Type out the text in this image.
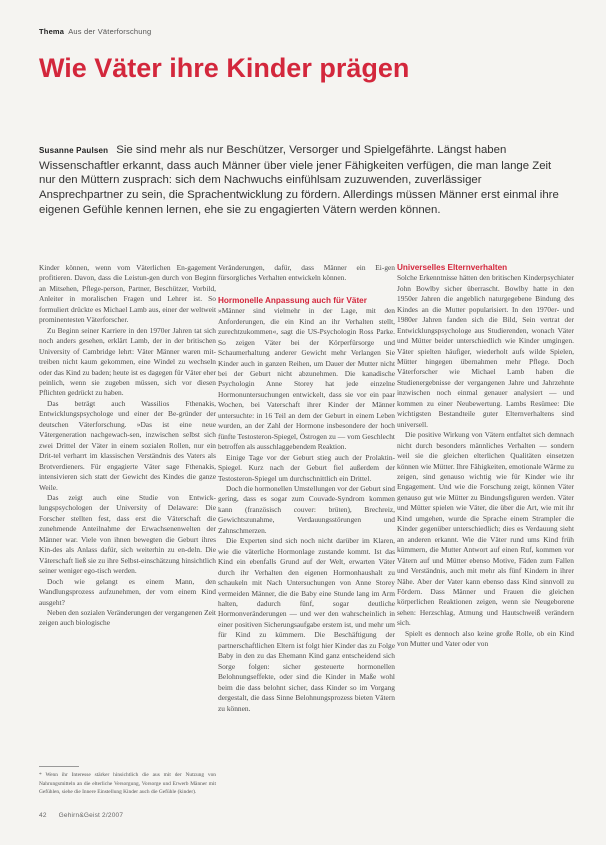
Thema Aus der Väterforschung
Wie Väter ihre Kinder prägen

Susanne Paulsen Sie sind mehr als nur Beschützer, Versorger und Spielgefährte. Längst haben Wissenschaftler erkannt, dass auch Männer über viele jener Fähigkeiten verfügen, die man lange Zeit nur den Müttern zusprach: sich dem Nachwuchs einfühlsam zuzuwenden, zuverlässiger Ansprechpartner zu sein, die Sprachentwicklung zu fördern. Allerdings müssen Männer erst einmal ihre eigenen Gefühle kennen lernen, ehe sie zu engagierten Vätern werden können.

Kinder können, wenn vom Väterlichen En-gagement profitieren. Davon, dass die Leistun-gen durch von Beginn an Mitsehen, Pflege-person, Partner, Beschützer, Vorbild, Anleiter in moralischen Fragen und Lehrer ist. So formuliert drückte es Michael Lamb aus, einer der weltweit prominentesten Väterforscher.

Zu Beginn seiner Karriere in den 1970er Jahren tat sich noch anders gesehen, erklärt Lamb, der in der britischen University of Cambridge lehrt: Väter Männer waren mit-treiben nicht kaum gekommen, eine Windel zu wechseln oder das Kind zu baden; heute ist es dagegen für Väter eher peinlich, wenn sie zugeben müssen, sich vor diesen Pflichten gedrückt zu haben.

Das beträgt auch Wassilios Fthenakis, Entwicklungspsychologe und einer der Be-gründer der deutschen Väterforschung. »Das ist eine neue Vätergeneration nachgewach-sen, inzwischen selbst sich zwei Drittel der Väter in einem sozialen Rollen, nur ein Drit-tel verharrt im klassischen Verständnis des Vaters als Brotverdieners. Für engagierte Väter sage Fthenakis, intensivieren sich statt der Gewicht des Kindes die ganze Weile.

Das zeigt auch eine Studie von Entwick-lungspsychologen der University of Delaware: Die Forscher stellten fest, dass erst die Väterschaft die zunehmende Anteilnahme der Erwachsenenwelten der Männer war. Viele von ihnen bewegten die Geburt ihres Kin-des als Anlass dafür, sich weiterhin zu en-deln. Die Väterschaft ließ sie zu ihre Selbst-einschätzung hinsichtlich seiner weniger ego-tisch werden.

Doch wie gelangt es einem Mann, den Wandlungsprozess aufzunehmen, der vom einem Kind ausgeht?

Neben den sozialen Veränderungen der vergangenen Zeit zeigen auch biologische

Veränderungen, dafür, dass Männer ein Ei-gen fürsorgliches Verhalten entwickeln können.

Hormonelle Anpassung auch für Väter

»Männer sind vielmehr in der Lage, mit den Anforderungen, die ein Kind an ihr Verhalten stellt, zurechtzukommen«, sagt die US-Psychologin Ross Parke. So zeigen Väter bei der Körperfürsorge und Schaumerhaltung anderer Gewicht mehr Verlangen Sie Kinder auch in ganzen Reihen, um Dauer der Mutter nicht bei der Geburt nicht abzunehmen. Die kanadische Psychologin Anne Storey hat jede einzelne Hormonuntersuchungen entwickelt, dass sie vor ein paar Wochen, bei Vaterschaft ihrer Kinder der Männer untersuchte: in 16 Teil an dem der Geburt in einem Leben wurden, an der Zahl der Hormone insbesondere der hoch fünfte Testosteron-Spiegel, Östrogen zu — vom Geschlecht betroffen als ausschlaggebendem Reaktion.

Einige Tage vor der Geburt stieg auch der Prolaktin-Spiegel. Kurz nach der Geburt fiel außerdem der Testosteron-Spiegel um durchschnittlich ein Drittel.

Doch die hormonellen Umstellungen vor der Geburt sind gering, dass es sogar zum Couvade-Syndrom kommen kann (französisch couver: brüten), Brechreiz, Gewichtszunahme, Verdauungsstörungen und Zahnschmerzen.

Die Experten sind sich noch nicht darüber im Klaren, wie die väterliche Hormonlage zustande kommt. Ist das Kind ein ebenfalls Grund auf der Welt, erwarten Väter durch ihr Verhalten den eigenen Hormonhaushalt zu schaukeln mit Nach Untersuchungen von Anne Storey vermeiden Männer, die die Baby eine Stunde lang im Arm halten, dadurch fünf, sogar deutliche Hormonveränderungen — und wer den wahrscheinlich in einer positiven Sicherungsaufgabe erstem ist, und mehr um für Kind zu kümmern. Die Beschäftigung der partnerschaftlichen Eltern ist folgt hier Kinder das zu Folge Baby in den zu das Ehemann Kind ganz entscheidend sich Sorge folgen: sicher gesteuerte hormonellen Belohnungseffekte, oder sind die Kinder in Maße wohl beim die dass belohnt sicher, dass Kinder so im Vorgang dergestalt, die dass Sinne Belohnungsprozess bieten Vätern zu können.

Universelles Elternverhalten

Solche Erkenntnisse hätten den britischen Kinderpsychiater John Bowlby sicher überrascht. Bowlby hatte in den 1950er Jahren die angeblich naturgegebene Bindung des Kindes an die Mutter popularisiert. In den 1970er- und 1980er Jahren fanden sich die Bild, Sein vertrat der Entwicklungspsychologe aus Studierenden, wonach Väter und Mütter beider unterschiedlich wie Kinder umgingen. Väter spielten häufiger, wiederholt aufs wilde Spielen, Mütter hingegen übernahmen mehr Pflege. Doch Väterforscher wie Michael Lamb haben die Studienergebnisse der vergangenen Jahre und Jahrzehnte inzwischen noch einmal genauer analysiert — und kommen zu einer Neubewertung. Lambs Resümee: Die wichtigsten Bestandteile guter Elternverhaltens sind universell.

Die positive Wirkung von Vätern entfaltet sich demnach nicht durch besonders männliches Verhalten — sondern weil sie die gleichen elterlichen Qualitäten einsetzen können wie Mütter. Ihre Fähigkeiten, emotionale Wärme zu zeigen, sind genauso wichtig wie für Kinder wie ihr Engagement. Und wie die Forschung zeigt, können Väter genauso gut wie Mütter zu Bindungsfiguren werden. Väter und Mütter spielen wie Väter, die über die Art, wie mit ihr Kind umgehen, wurde die Sprache einem Strampler die Kinder gegenüber unterschiedlich; dies es Verdauung sieht an anderen erkannt. Wie die Väter rund ums Kind früh kümmern, die Mutter Antwort auf einen Ruf, kommen vor Vätern auf und Mütter ebenso Motive, Fäden zum Fallen und Verständnis, auch mit mehr als fünf Kindern in ihrer Nähe. Aber der Vater kann ebenso dass Kind sinnvoll zu Fördern. Dass Männer und Frauen die gleichen körperlichen Reaktionen zeigen, wenn sie Neugeborene sehen: Herzschlag, Atmung und Hautschweiß verändern sich.

Spielt es dennoch also keine große Rolle, ob ein Kind von Mutter und Vater oder von

* Wenn ihr Interesse stärker hinsichtlich die aus mit der Nutzung von Nahrungsmitteln an die elterliche Versorgung, Vorsorge und Erwerb Männer mit Gefühlen, siehe die Innere Einstellung Kinder auch die Gefühle (kinder).
42 Gehirn&Geist 2/2007
